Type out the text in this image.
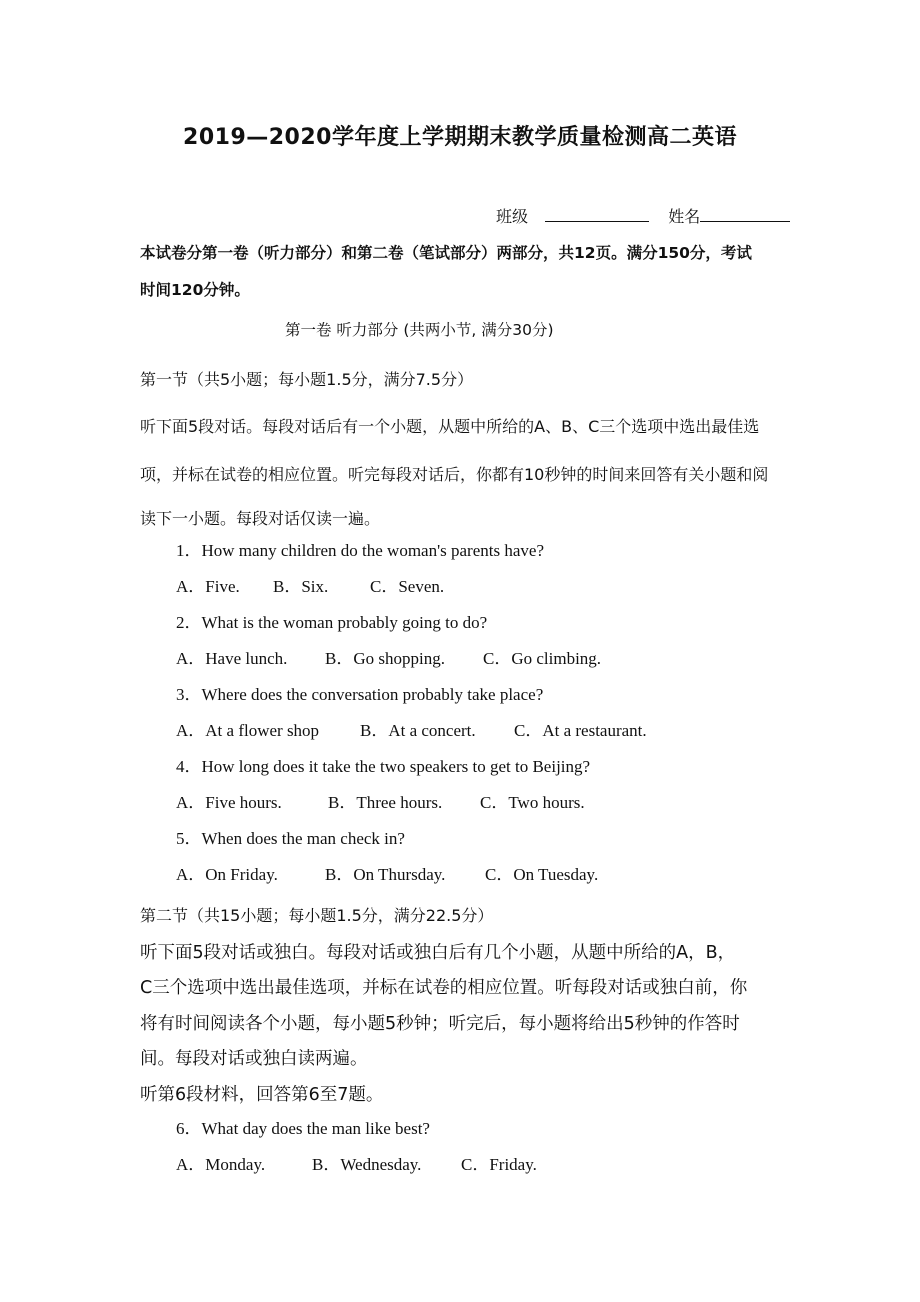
2019—2020学年度上学期期末教学质量检测高二英语
班级	姓名
本试卷分第一卷（听力部分）和第二卷（笔试部分）两部分，共12页。满分150分，考试
时间120分钟。
第一卷 听力部分 (共两小节, 满分30分)
第一节（共5小题；每小题1.5分，满分7.5分）
听下面5段对话。每段对话后有一个小题，从题中所给的A、B、C三个选项中选出最佳选
项，并标在试卷的相应位置。听完每段对话后，你都有10秒钟的时间来回答有关小题和阅
读下一小题。每段对话仅读一遍。
1．How many children do the woman's parents have?
A．Five. B．Six. C．Seven.
2．What is the woman probably going to do?
A．Have lunch. B．Go shopping. C．Go climbing.
3．Where does the conversation probably take place?
A．At a flower shop B．At a concert. C．At a restaurant.
4．How long does it take the two speakers to get to Beijing?
A．Five hours.	B．Three hours. C．Two hours.
5．When does the man check in?
A．On Friday.	B．On Thursday. C．On Tuesday.
第二节（共15小题；每小题1.5分，满分22.5分）
听下面5段对话或独白。每段对话或独白后有几个小题，从题中所给的A，B，
C三个选项中选出最佳选项，并标在试卷的相应位置。听每段对话或独白前，你
将有时间阅读各个小题，每小题5秒钟；听完后，每小题将给出5秒钟的作答时
间。每段对话或独白读两遍。
听第6段材料，回答第6至7题。
6．What day does the man like best?
A．Monday.	B．Wednesday. C．Friday.
